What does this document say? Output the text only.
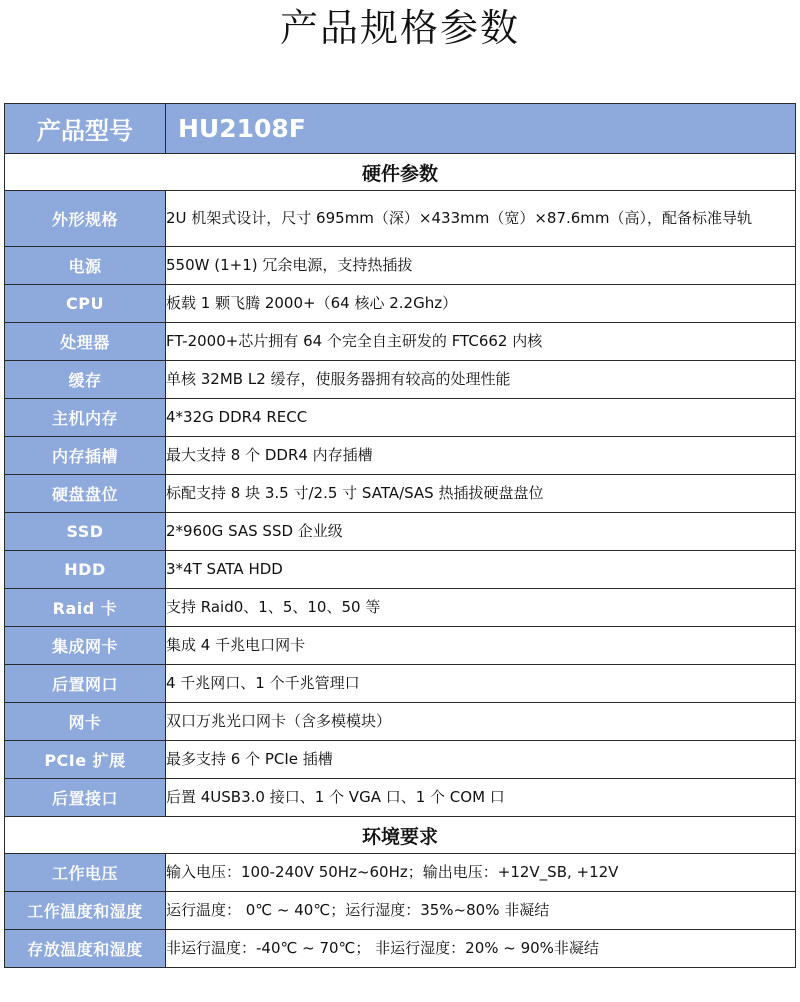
产品规格参数
产品型号	HU2108F
硬件参数	
外形规格	2U 机架式设计，尺寸 695mm（深）×433mm（宽）×87.6mm（高），配备标准导轨
电源	550W (1+1) 冗余电源，支持热插拔
CPU	板载 1 颗飞腾 2000+（64 核心 2.2Ghz）
处理器	FT-2000+芯片拥有 64 个完全自主研发的 FTC662 内核
缓存	单核 32MB L2 缓存，使服务器拥有较高的处理性能
主机内存	4*32G DDR4 RECC
内存插槽	最大支持 8 个 DDR4 内存插槽
硬盘盘位	标配支持 8 块 3.5 寸/2.5 寸 SATA/SAS 热插拔硬盘盘位
SSD	2*960G SAS SSD 企业级
HDD	3*4T SATA HDD
Raid 卡	支持 Raid0、1、5、10、50 等
集成网卡	集成 4 千兆电口网卡
后置网口	4 千兆网口、1 个千兆管理口
网卡	双口万兆光口网卡（含多模模块）
PCIe 扩展	最多支持 6 个 PCIe 插槽
后置接口	后置 4USB3.0 接口、1 个 VGA 口、1 个 COM 口
环境要求	
工作电压	输入电压：100-240V 50Hz~60Hz；输出电压：+12V_SB, +12V
工作温度和湿度	运行温度： 0℃ ~ 40℃；运行湿度：35%~80% 非凝结
存放温度和湿度	非运行温度：-40℃ ~ 70℃； 非运行湿度：20% ~ 90%非凝结
